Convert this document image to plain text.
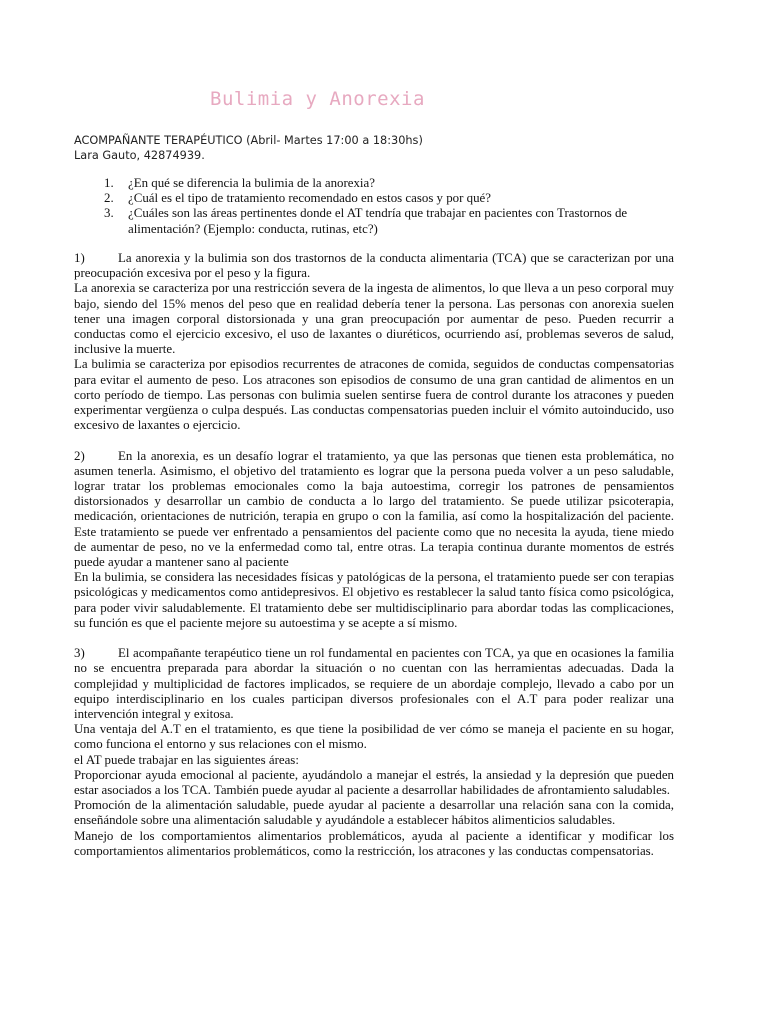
Bulimia y Anorexia
ACOMPAÑANTE TERAPÉUTICO (Abril- Martes 17:00 a 18:30hs)
Lara Gauto, 42874939.
1. ¿En qué se diferencia la bulimia de la anorexia?
2. ¿Cuál es el tipo de tratamiento recomendado en estos casos y por qué?
3. ¿Cuáles son las áreas pertinentes donde el AT tendría que trabajar en pacientes con Trastornos de alimentación? (Ejemplo: conducta, rutinas, etc?)

1)	La anorexia y la bulimia son dos trastornos de la conducta alimentaria (TCA) que se caracterizan por una preocupación excesiva por el peso y la figura.

La anorexia se caracteriza por una restricción severa de la ingesta de alimentos, lo que lleva a un peso corporal muy bajo, siendo del 15% menos del peso que en realidad debería tener la persona. Las personas con anorexia suelen tener una imagen corporal distorsionada y una gran preocupación por aumentar de peso. Pueden recurrir a conductas como el ejercicio excesivo, el uso de laxantes o diuréticos, ocurriendo así, problemas severos de salud, inclusive la muerte.

La bulimia se caracteriza por episodios recurrentes de atracones de comida, seguidos de conductas compensatorias para evitar el aumento de peso. Los atracones son episodios de consumo de una gran cantidad de alimentos en un corto período de tiempo. Las personas con bulimia suelen sentirse fuera de control durante los atracones y pueden experimentar vergüenza o culpa después. Las conductas compensatorias pueden incluir el vómito autoinducido, uso excesivo de laxantes o ejercicio.

2)	En la anorexia, es un desafío lograr el tratamiento, ya que las personas que tienen esta problemática, no asumen tenerla. Asimismo, el objetivo del tratamiento es lograr que la persona pueda volver a un peso saludable, lograr tratar los problemas emocionales como la baja autoestima, corregir los patrones de pensamientos distorsionados y desarrollar un cambio de conducta a lo largo del tratamiento. Se puede utilizar psicoterapia, medicación, orientaciones de nutrición, terapia en grupo o con la familia, así como la hospitalización del paciente. Este tratamiento se puede ver enfrentado a pensamientos del paciente como que no necesita la ayuda, tiene miedo de aumentar de peso, no ve la enfermedad como tal, entre otras. La terapia continua durante momentos de estrés puede ayudar a mantener sano al paciente

En la bulimia, se considera las necesidades físicas y patológicas de la persona, el tratamiento puede ser con terapias psicológicas y medicamentos como antidepresivos. El objetivo es restablecer la salud tanto física como psicológica, para poder vivir saludablemente. El tratamiento debe ser multidisciplinario para abordar todas las complicaciones, su función es que el paciente mejore su autoestima y se acepte a sí mismo.

3)	El acompañante terapéutico tiene un rol fundamental en pacientes con TCA, ya que en ocasiones la familia no se encuentra preparada para abordar la situación o no cuentan con las herramientas adecuadas. Dada la complejidad y multiplicidad de factores implicados, se requiere de un abordaje complejo, llevado a cabo por un equipo interdisciplinario en los cuales participan diversos profesionales con el A.T para poder realizar una intervención integral y exitosa.

Una ventaja del A.T en el tratamiento, es que tiene la posibilidad de ver cómo se maneja el paciente en su hogar, como funciona el entorno y sus relaciones con el mismo.

el AT puede trabajar en las siguientes áreas:

Proporcionar ayuda emocional al paciente, ayudándolo a manejar el estrés, la ansiedad y la depresión que pueden estar asociados a los TCA. También puede ayudar al paciente a desarrollar habilidades de afrontamiento saludables.

Promoción de la alimentación saludable, puede ayudar al paciente a desarrollar una relación sana con la comida, enseñándole sobre una alimentación saludable y ayudándole a establecer hábitos alimenticios saludables.

Manejo de los comportamientos alimentarios problemáticos, ayuda al paciente a identificar y modificar los comportamientos alimentarios problemáticos, como la restricción, los atracones y las conductas compensatorias.
